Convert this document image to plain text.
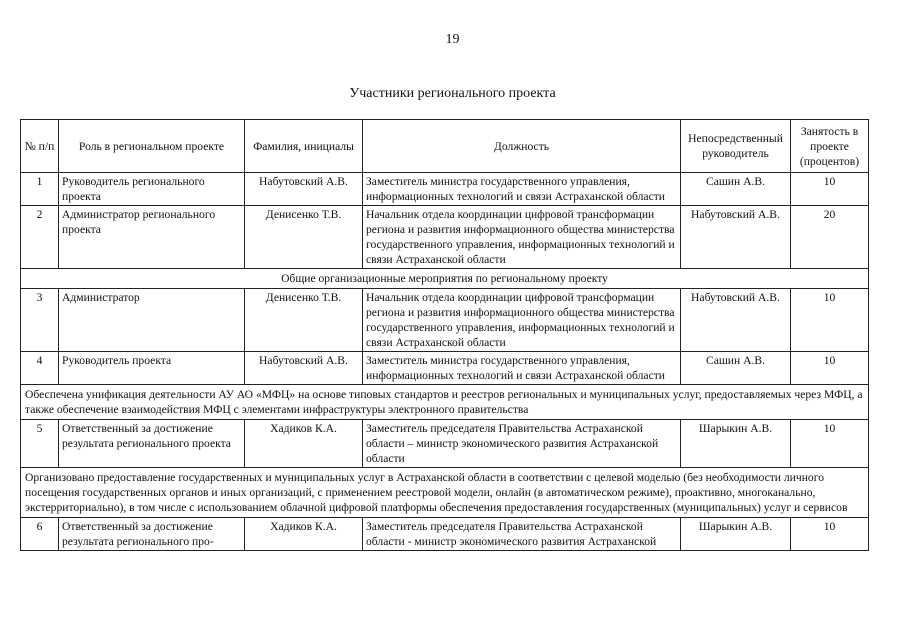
19
Участники регионального проекта
№ п/п	Роль в региональном проекте	Фамилия, инициалы	Должность	Непосредственный руководитель	Занятость в проекте (процентов)
1	Руководитель регионального проекта	Набутовский А.В.	Заместитель министра государственного управления, информационных технологий и связи Астраханской области	Сашин А.В.	10
2	Администратор регионального проекта	Денисенко Т.В.	Начальник отдела координации цифровой трансформации региона и развития информационного общества министерства государственного управления, информационных технологий и связи Астраханской области	Набутовский А.В.	20
Общие организационные мероприятия по региональному проекту					
3	Администратор	Денисенко Т.В.	Начальник отдела координации цифровой трансформации региона и развития информационного общества министерства государственного управления, информационных технологий и связи Астраханской области	Набутовский А.В.	10
4	Руководитель проекта	Набутовский А.В.	Заместитель министра государственного управления, информационных технологий и связи Астраханской области	Сашин А.В.	10
Обеспечена унификация деятельности АУ АО «МФЦ» на основе типовых стандартов и реестров региональных и муниципальных услуг, предоставляемых через МФЦ, а также обеспечение взаимодействия МФЦ с элементами инфраструктуры электронного правительства					
5	Ответственный за достижение результата регионального проекта	Хадиков К.А.	Заместитель председателя Правительства Астраханской области – министр экономического развития Астраханской области	Шарыкин А.В.	10
Организовано предоставление государственных и муниципальных услуг в Астраханской области в соответствии с целевой моделью (без необходимости личного посещения государственных органов и иных организаций, с применением реестровой модели, онлайн (в автоматическом режиме), проактивно, многоканально, экстерриториально), в том числе с использованием облачной цифровой платформы обеспечения предоставления государственных (муниципальных) услуг и сервисов					
6	Ответственный за достижение результата регионального про-	Хадиков К.А.	Заместитель председателя Правительства Астраханской области - министр экономического развития Астраханской	Шарыкин А.В.	10
